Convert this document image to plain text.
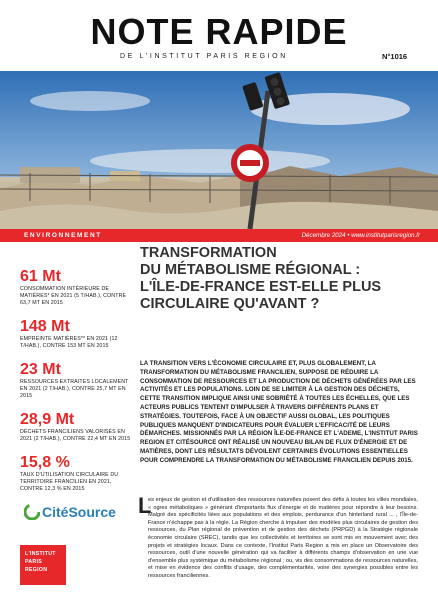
NOTE RAPIDE
DE L'INSTITUT PARIS REGION	N°1016
ENVIRONNEMENT	Décembre 2024 • www.institutparisregion.fr
61 Mt
CONSOMMATION INTÉRIEURE DE MATIÈRES* EN 2021 (5 T/HAB.), CONTRE 63,7 MT EN 2015
148 Mt
EMPREINTE MATIÈRES** EN 2021 (12 T/HAB.), CONTRE 153 MT EN 2015
23 Mt
RESSOURCES EXTRAITES LOCALEMENT EN 2021 (2 T/HAB.), CONTRE 25,7 MT EN 2015
28,9 Mt
DÉCHETS FRANCILIENS VALORISÉS EN 2021 (2 T/HAB.), CONTRE 22,4 MT EN 2015
15,8 %
TAUX D'UTILISATION CIRCULAIRE DU TERRITOIRE FRANCILIEN EN 2021, CONTRE 12,3 % EN 2015
CitéSource
L'INSTITUT
PARIS
REGION
TRANSFORMATION
DU MÉTABOLISME RÉGIONAL :
L'ÎLE-DE-FRANCE EST-ELLE PLUS
CIRCULAIRE QU'AVANT ?
LA TRANSITION VERS L'ÉCONOMIE CIRCULAIRE ET, PLUS GLOBALEMENT, LA TRANSFORMATION DU MÉTABOLISME FRANCILIEN, SUPPOSE DE RÉDUIRE LA CONSOMMATION DE RESSOURCES ET LA PRODUCTION DE DÉCHETS GÉNÉRÉES PAR LES ACTIVITÉS ET LES POPULATIONS. LOIN DE SE LIMITER À LA GESTION DES DÉCHETS, CETTE TRANSITION IMPLIQUE AINSI UNE SOBRIÉTÉ À TOUTES LES ÉCHELLES, QUE LES ACTEURS PUBLICS TENTENT D'IMPULSER À TRAVERS DIFFÉRENTS PLANS ET STRATÉGIES. TOUTEFOIS, FACE À UN OBJECTIF AUSSI GLOBAL, LES POLITIQUES PUBLIQUES MANQUENT D'INDICATEURS POUR ÉVALUER L'EFFICACITÉ DE LEURS DÉMARCHES. MISSIONNÉS PAR LA RÉGION ÎLE-DE-FRANCE ET L'ADEME, L'INSTITUT PARIS REGION ET CITÉSOURCE ONT RÉALISÉ UN NOUVEAU BILAN DE FLUX D'ÉNERGIE ET DE MATIÈRES, DONT LES RÉSULTATS DÉVOILENT CERTAINES ÉVOLUTIONS ESSENTIELLES POUR COMPRENDRE LA TRANSFORMATION DU MÉTABOLISME FRANCILIEN DEPUIS 2015.
L
es enjeux de gestion et d'utilisation des ressources naturelles posent des défis à toutes les villes mondiales, « ogres métaboliques » générant d'importants flux d'énergie et de matières pour répondre à leur besoins. Malgré des spécificités liées aux populations et des emplois, perdurance d'un hinterland rural ... , l'Île-de-France n'échappe pas à la règle. La Région cherche à impulser des modèles plus circulaires de gestion des ressources, du Plan régional de prévention et de gestion des déchets (PRPGD) à la Stratégie régionale économie circulaire (SREC), tandis que les collectivités et territoires se sont mis en mouvement avec des projets et stratégies locaux. Dans ce contexte, l'Institut Paris Region a mis en place un Observatoire des ressources, outil d'une nouvelle génération qui va faciliter à différents champs d'observation en une vue d'ensemble plus systémique du métabolisme régional ; ou, vis des consommations de ressources naturelles, et mise en évidence des conflits d'usage, des complémentarités, voire des synergies possibles entre les ressources franciliennes.
